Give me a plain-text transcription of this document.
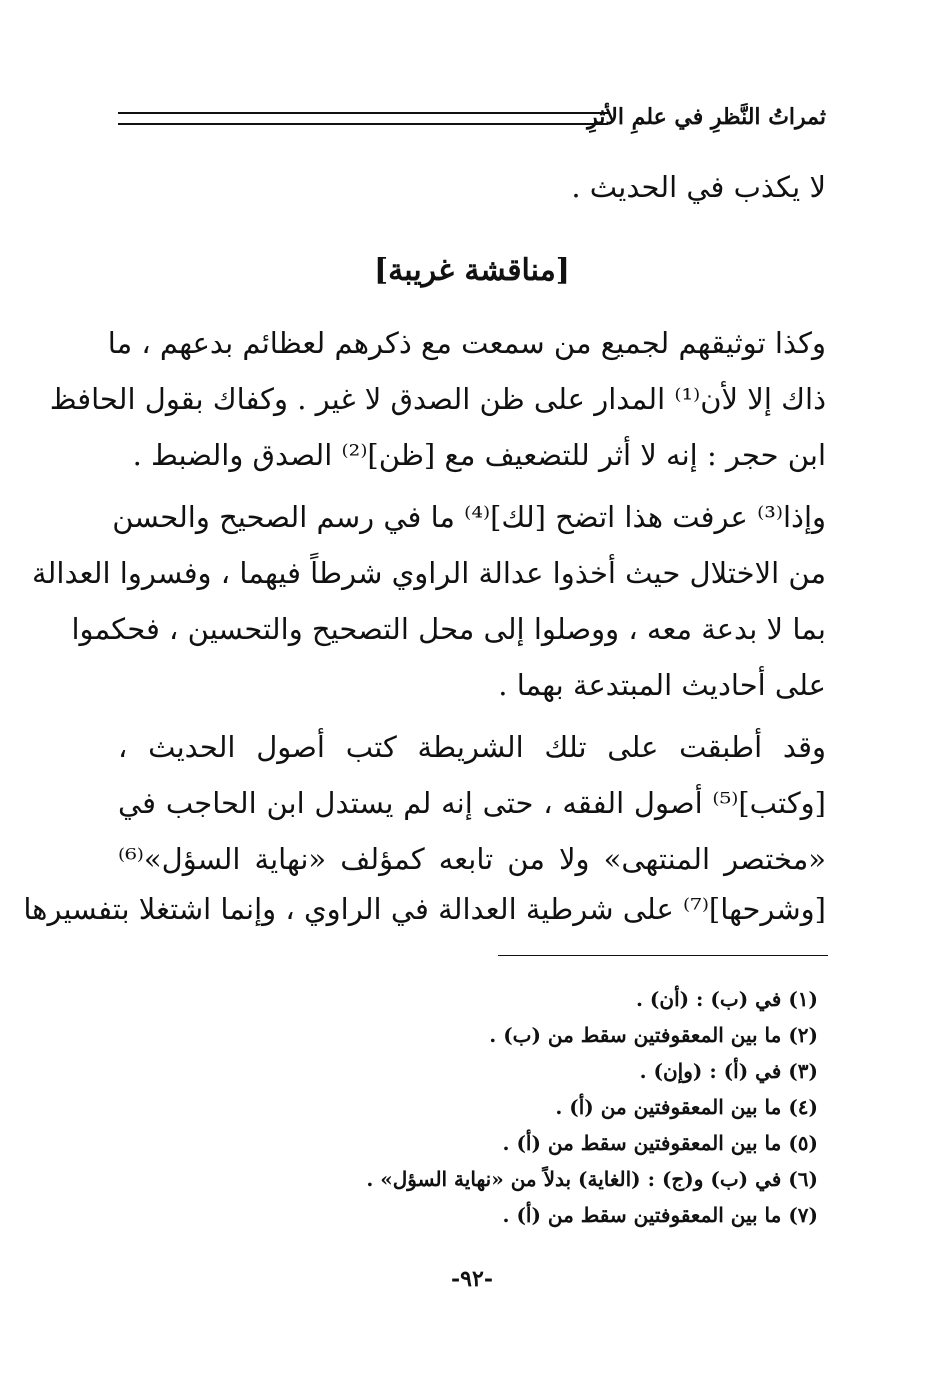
ثمراتُ النَّظرِ في علمِ الأثرِ
لا يكذب في الحديث .
[مناقشة غريبة]
وكذا توثيقهم لجميع من سمعت مع ذكرهم لعظائم بدعهم ، ما
ذاك إلا لأن⁽¹⁾ المدار على ظن الصدق لا غير . وكفاك بقول الحافظ
ابن حجر : إنه لا أثر للتضعيف مع [ظن]⁽²⁾ الصدق والضبط .
وإذا⁽³⁾ عرفت هذا اتضح [لك]⁽⁴⁾ ما في رسم الصحيح والحسن
من الاختلال حيث أخذوا عدالة الراوي شرطاً فيهما ، وفسروا العدالة
بما لا بدعة معه ، ووصلوا إلى محل التصحيح والتحسين ، فحكموا
على أحاديث المبتدعة بهما .
وقد أطبقت على تلك الشريطة كتب أصول الحديث ،
[وكتب]⁽⁵⁾ أصول الفقه ، حتى إنه لم يستدل ابن الحاجب في
«مختصر المنتهى» ولا من تابعه كمؤلف «نهاية السؤل»⁽⁶⁾
[وشرحها]⁽⁷⁾ على شرطية العدالة في الراوي ، وإنما اشتغلا بتفسيرها
(١) في (ب) : (أن) .
(٢) ما بين المعقوفتين سقط من (ب) .
(٣) في (أ) : (وإن) .
(٤) ما بين المعقوفتين من (أ) .
(٥) ما بين المعقوفتين سقط من (أ) .
(٦) في (ب) و(ج) : (الغاية) بدلاً من «نهاية السؤل» .
(٧) ما بين المعقوفتين سقط من (أ) .
-٩٢-
